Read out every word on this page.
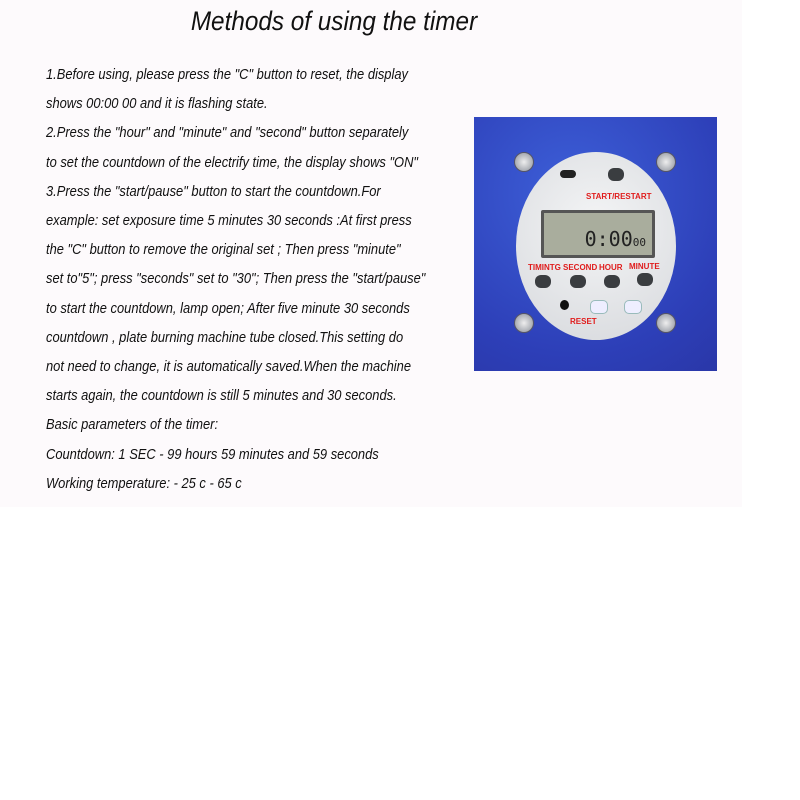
Methods of using the timer
1.Before using, please press the "C" button to reset, the display
shows 00:00 00 and it is flashing state.
2.Press the "hour" and "minute" and "second" button separately
to set the countdown of the electrify time, the display shows "ON"
3.Press the "start/pause" button to start the countdown.For
example: set exposure time 5 minutes 30 seconds :At first press
the "C" button to remove the original set ; Then press "minute"
set to"5"; press "seconds" set to "30"; Then press the "start/pause"
to start the countdown, lamp open; After five minute 30 seconds
countdown , plate burning machine tube closed.This setting do
not need to change, it is automatically saved.When the machine
starts again, the countdown is still 5 minutes and 30 seconds.
Basic parameters of the timer:
Countdown: 1 SEC - 99 hours 59 minutes and 59 seconds
Working temperature: - 25 c - 65 c
START/RESTART
0:0000
TIMINTG SECOND HOUR MINUTE
RESET
